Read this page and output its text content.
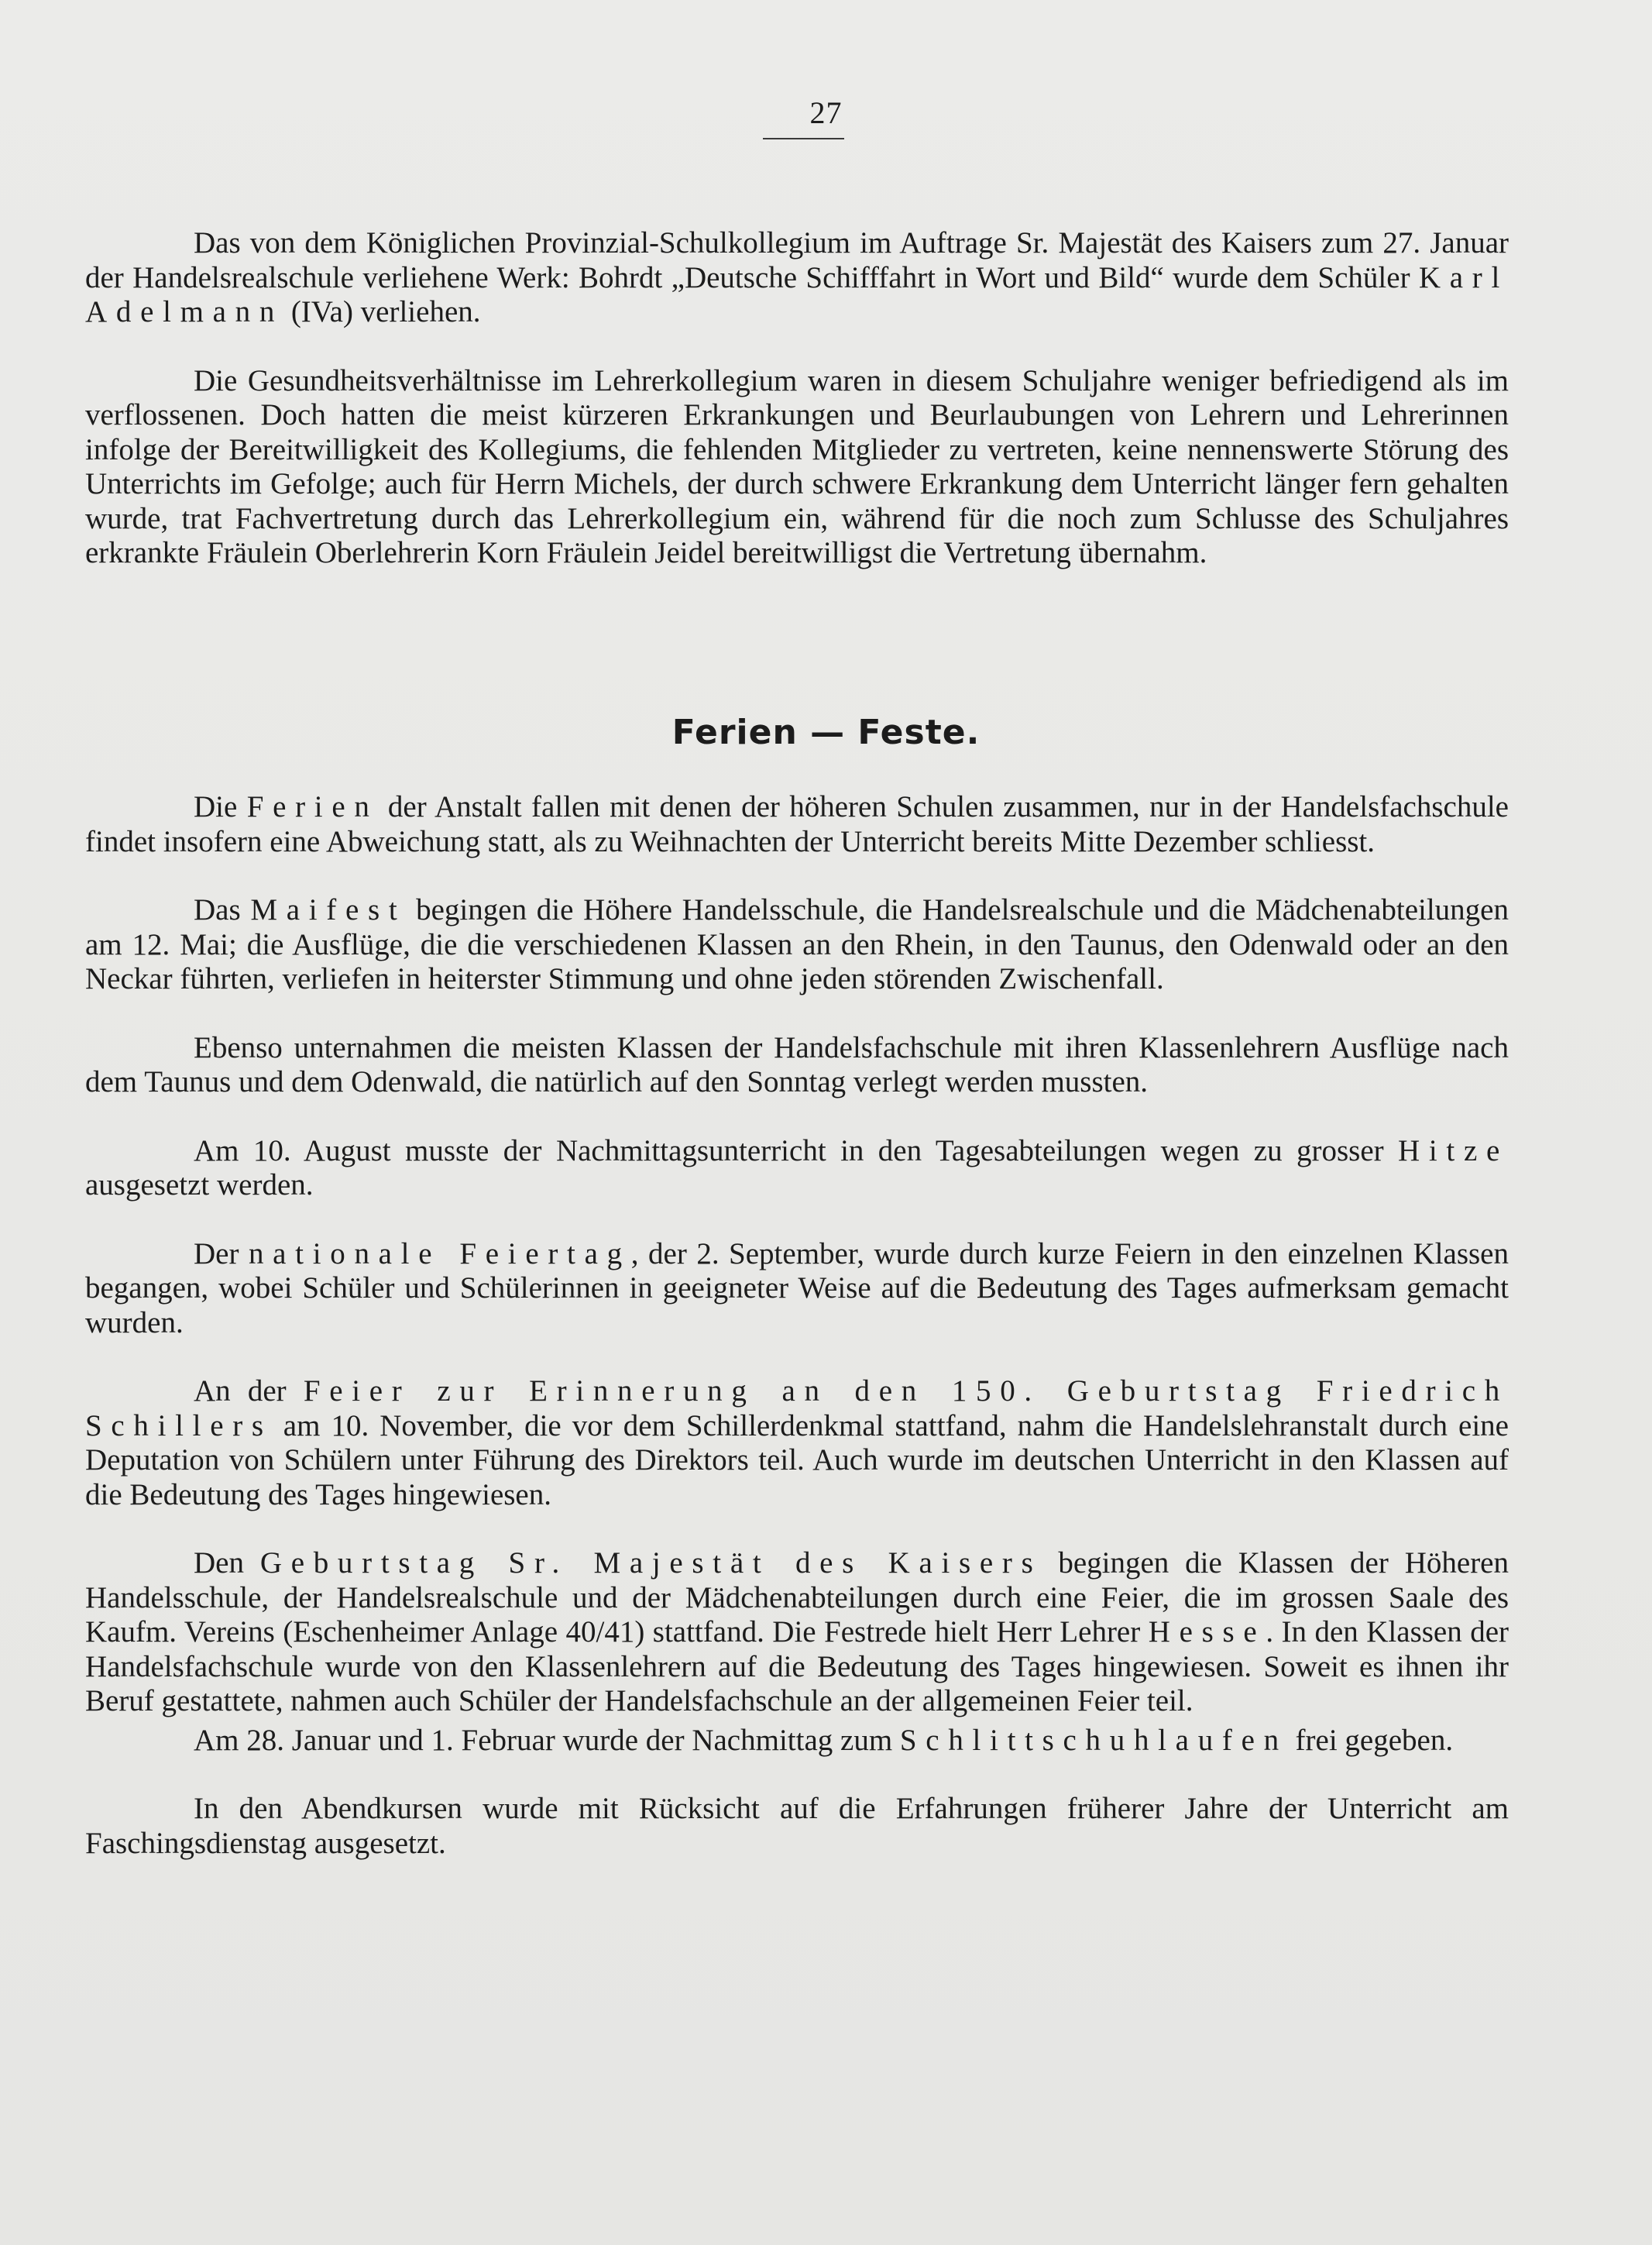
27

Das von dem Königlichen Provinzial-Schulkollegium im Auftrage Sr. Majestät des Kaisers zum 27. Januar der Handelsrealschule verliehene Werk: Bohrdt „Deutsche Schifffahrt in Wort und Bild“ wurde dem Schüler Karl Adelmann (IVa) verliehen.

Die Gesundheitsverhältnisse im Lehrerkollegium waren in diesem Schuljahre weniger befriedigend als im verflossenen. Doch hatten die meist kürzeren Erkrankungen und Beurlaubungen von Lehrern und Lehrerinnen infolge der Bereitwilligkeit des Kollegiums, die fehlenden Mitglieder zu vertreten, keine nennenswerte Störung des Unterrichts im Gefolge; auch für Herrn Michels, der durch schwere Erkrankung dem Unterricht länger fern gehalten wurde, trat Fachvertretung durch das Lehrerkollegium ein, während für die noch zum Schlusse des Schuljahres erkrankte Fräulein Oberlehrerin Korn Fräulein Jeidel bereitwilligst die Vertretung übernahm.

Ferien — Feste.

Die Ferien der Anstalt fallen mit denen der höheren Schulen zusammen, nur in der Handelsfachschule findet insofern eine Abweichung statt, als zu Weihnachten der Unterricht bereits Mitte Dezember schliesst.

Das Maifest begingen die Höhere Handelsschule, die Handelsrealschule und die Mädchenabteilungen am 12. Mai; die Ausflüge, die die verschiedenen Klassen an den Rhein, in den Taunus, den Odenwald oder an den Neckar führten, verliefen in heiterster Stimmung und ohne jeden störenden Zwischenfall.

Ebenso unternahmen die meisten Klassen der Handelsfachschule mit ihren Klassenlehrern Ausflüge nach dem Taunus und dem Odenwald, die natürlich auf den Sonntag verlegt werden mussten.

Am 10. August musste der Nachmittagsunterricht in den Tagesabteilungen wegen zu grosser Hitze ausgesetzt werden.

Der nationale Feiertag, der 2. September, wurde durch kurze Feiern in den einzelnen Klassen begangen, wobei Schüler und Schülerinnen in geeigneter Weise auf die Bedeutung des Tages aufmerksam gemacht wurden.

An der Feier zur Erinnerung an den 150. Geburtstag Friedrich Schillers am 10. November, die vor dem Schillerdenkmal stattfand, nahm die Handelslehranstalt durch eine Deputation von Schülern unter Führung des Direktors teil. Auch wurde im deutschen Unterricht in den Klassen auf die Bedeutung des Tages hingewiesen.

Den Geburtstag Sr. Majestät des Kaisers begingen die Klassen der Höheren Handelsschule, der Handelsrealschule und der Mädchenabteilungen durch eine Feier, die im grossen Saale des Kaufm. Vereins (Eschenheimer Anlage 40/41) stattfand. Die Festrede hielt Herr Lehrer Hesse. In den Klassen der Handelsfachschule wurde von den Klassenlehrern auf die Bedeutung des Tages hingewiesen. Soweit es ihnen ihr Beruf gestattete, nahmen auch Schüler der Handelsfachschule an der allgemeinen Feier teil.

Am 28. Januar und 1. Februar wurde der Nachmittag zum Schlittschuhlaufen frei gegeben.

In den Abendkursen wurde mit Rücksicht auf die Erfahrungen früherer Jahre der Unterricht am Faschingsdienstag ausgesetzt.
